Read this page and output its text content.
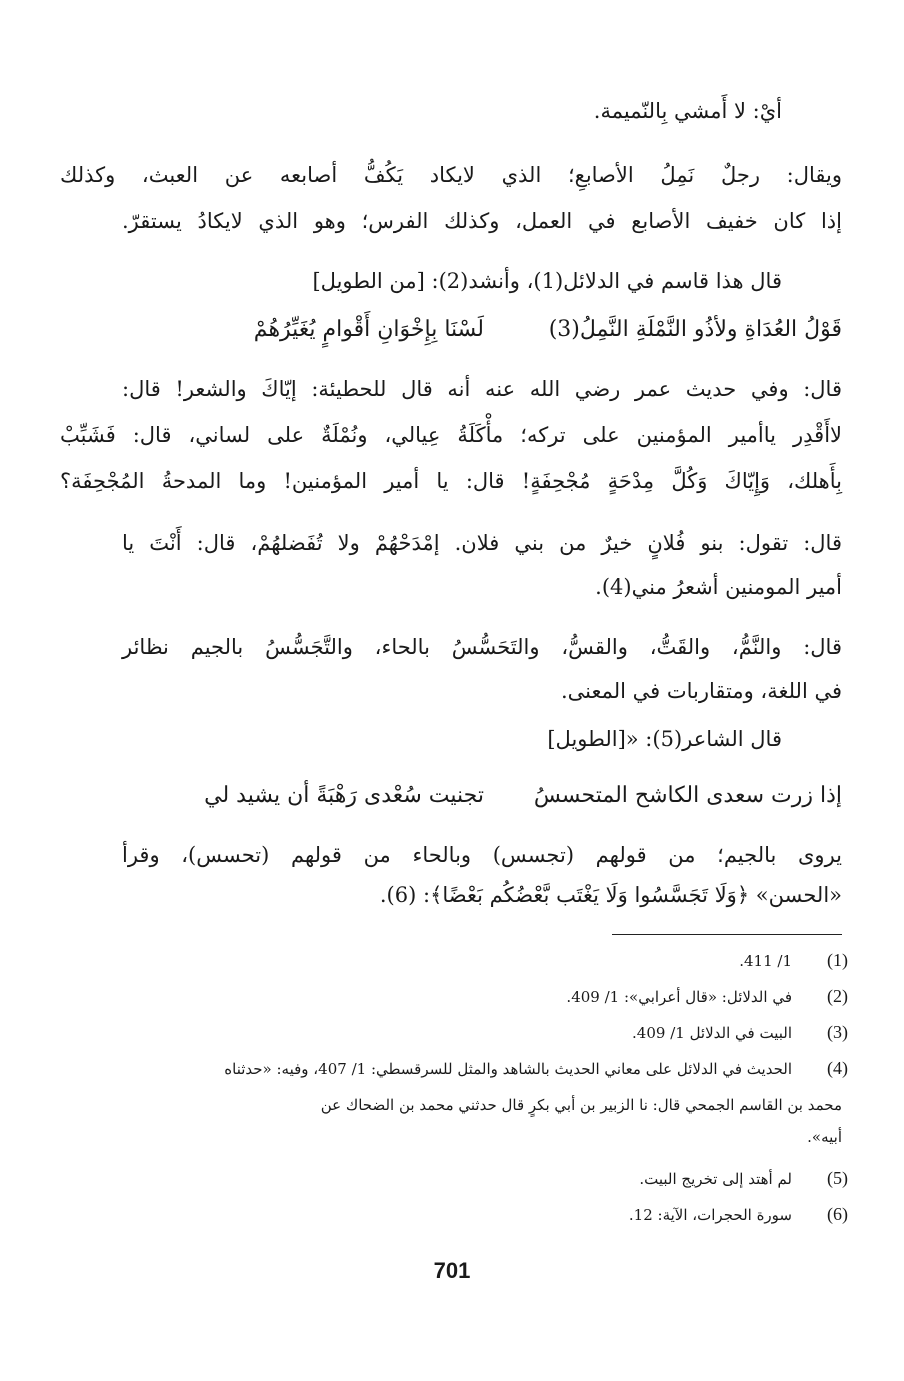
أيْ: لا أَمشي بِالنّميمة.
ويقال: رجلٌ نَمِلُ الأصابعِ؛ الذي لايكاد يَكُفُّ أصابعه عن العبث، وكذلك
إذا كان خفيف الأصابع في العمل، وكذلك الفرس؛ وهو الذي لايكادُ يستقرّ.
قال هذا قاسم في الدلائل(1)، وأنشد(2): [من الطويل]
لَسْنَا بِإِخْوَانِ أَقْوامٍ يُغَيِّرُهُمْ	قَوْلُ العُدَاةِ ولأذُو النَّمْلَةِ النَّمِلُ(3)
قال: وفي حديث عمر رضي الله عنه أنه قال للحطيئة: إيّاكَ والشعر! قال:
لاأَقْدِر ياأمير المؤمنين على تركه؛ مأْكَلَةُ عِيالي، ونُمْلَةٌ على لساني، قال: فَشَبِّبْ
بِأَهلك، وَإِيّاكَ وَكُلَّ مِدْحَةٍ مُجْحِفَةٍ! قال: يا أمير المؤمنين! وما المدحةُ المُجْحِفَة؟
قال: تقول: بنو فُلانٍ خيرٌ من بني فلان. إمْدَحْهُمْ ولا تُفَضلهُمْ، قال: أَنْتَ يا
أمير المومنين أشعرُ مني(4).
قال: والنَّمُّ، والقَتُّ، والقسُّ، والتَحَسُّسُ بالحاء، والتَّجَسُّسُ بالجيم نظائر
في اللغة، ومتقاربات في المعنى.
قال الشاعر(5): «[الطويل]
تجنيت سُعْدى رَهْبَةً أن يشيد لي إذا زرت سعدى الكاشح المتحسسُ
يروى بالجيم؛ من قولهم (تجسس) وبالحاء من قولهم (تحسس)، وقرأ
«الحسن» ﴿وَلَا تَجَسَّسُوا وَلَا يَغْتَب بَّعْضُكُم بَعْضًا﴾: (6).
(1)
1/ 411.
(2)
في الدلائل: «قال أعرابي»: 1/ 409.
(3)
البيت في الدلائل 1/ 409.
(4)
الحديث في الدلائل على معاني الحديث بالشاهد والمثل للسرقسطي: 1/ 407، وفيه: «حدثناه
محمد بن القاسم الجمحي قال: نا الزبير بن أبي بكرٍ قال حدثني محمد بن الضحاك عن
أبيه».
(5)
لم أهتد إلى تخريج البيت.
(6)
سورة الحجرات، الآية: 12.
701
